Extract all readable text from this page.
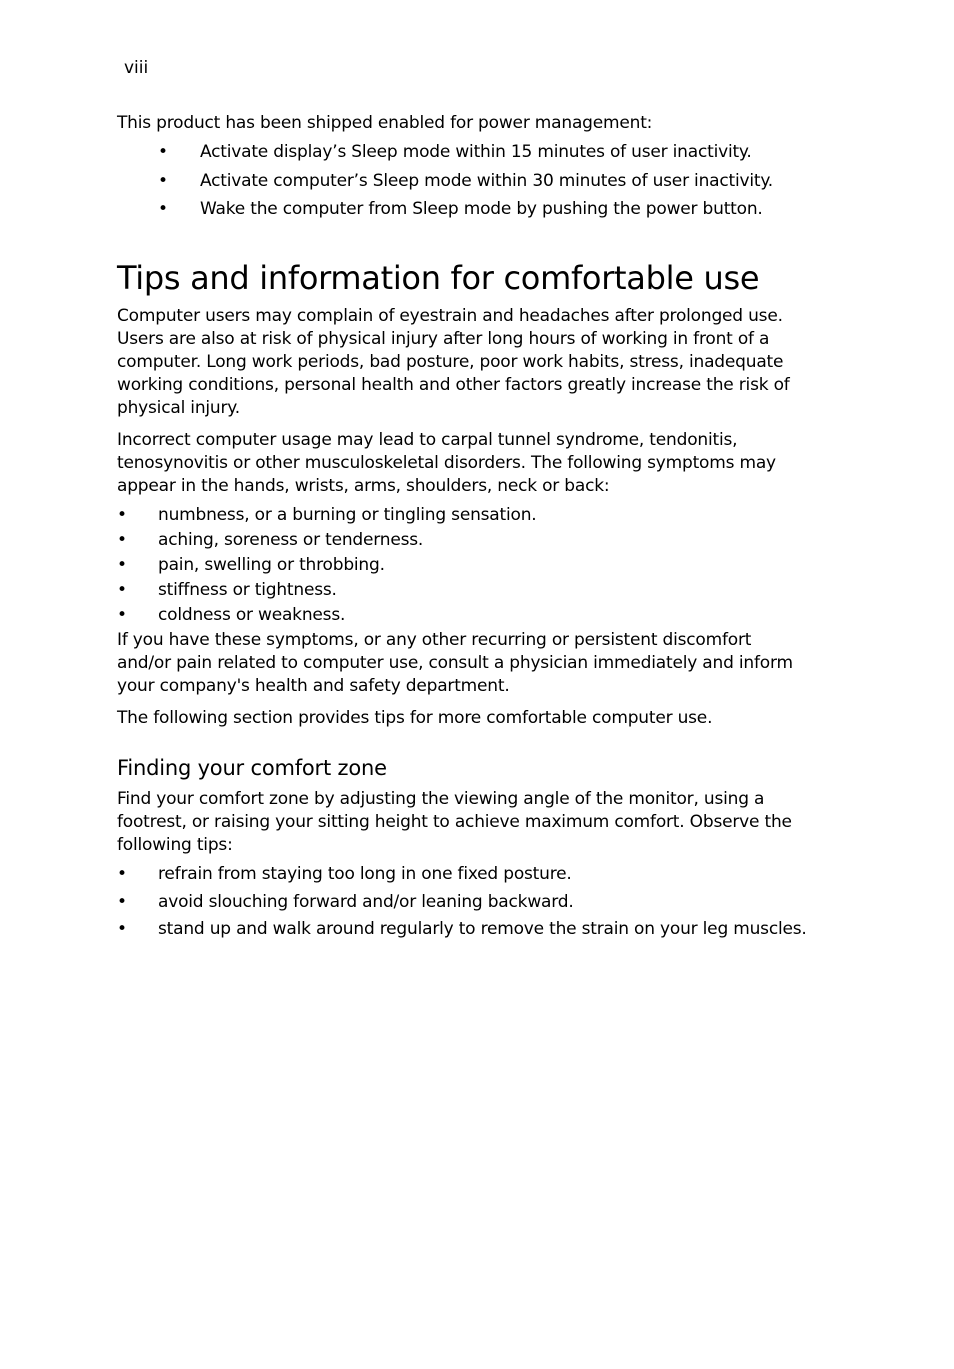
viii

This product has been shipped enabled for power management:

• Activate display’s Sleep mode within 15 minutes of user inactivity.
• Activate computer’s Sleep mode within 30 minutes of user inactivity.
• Wake the computer from Sleep mode by pushing the power button.
Tips and information for comfortable use

Computer users may complain of eyestrain and headaches after prolonged use. Users are also at risk of physical injury after long hours of working in front of a computer. Long work periods, bad posture, poor work habits, stress, inadequate working conditions, personal health and other factors greatly increase the risk of physical injury.

Incorrect computer usage may lead to carpal tunnel syndrome, tendonitis, tenosynovitis or other musculoskeletal disorders. The following symptoms may appear in the hands, wrists, arms, shoulders, neck or back:

• numbness, or a burning or tingling sensation.
• aching, soreness or tenderness.
• pain, swelling or throbbing.
• stiffness or tightness.
• coldness or weakness.

If you have these symptoms, or any other recurring or persistent discomfort and/or pain related to computer use, consult a physician immediately and inform your company's health and safety department.

The following section provides tips for more comfortable computer use.

Finding your comfort zone

Find your comfort zone by adjusting the viewing angle of the monitor, using a footrest, or raising your sitting height to achieve maximum comfort. Observe the following tips:

• refrain from staying too long in one fixed posture.
• avoid slouching forward and/or leaning backward.
• stand up and walk around regularly to remove the strain on your leg muscles.
